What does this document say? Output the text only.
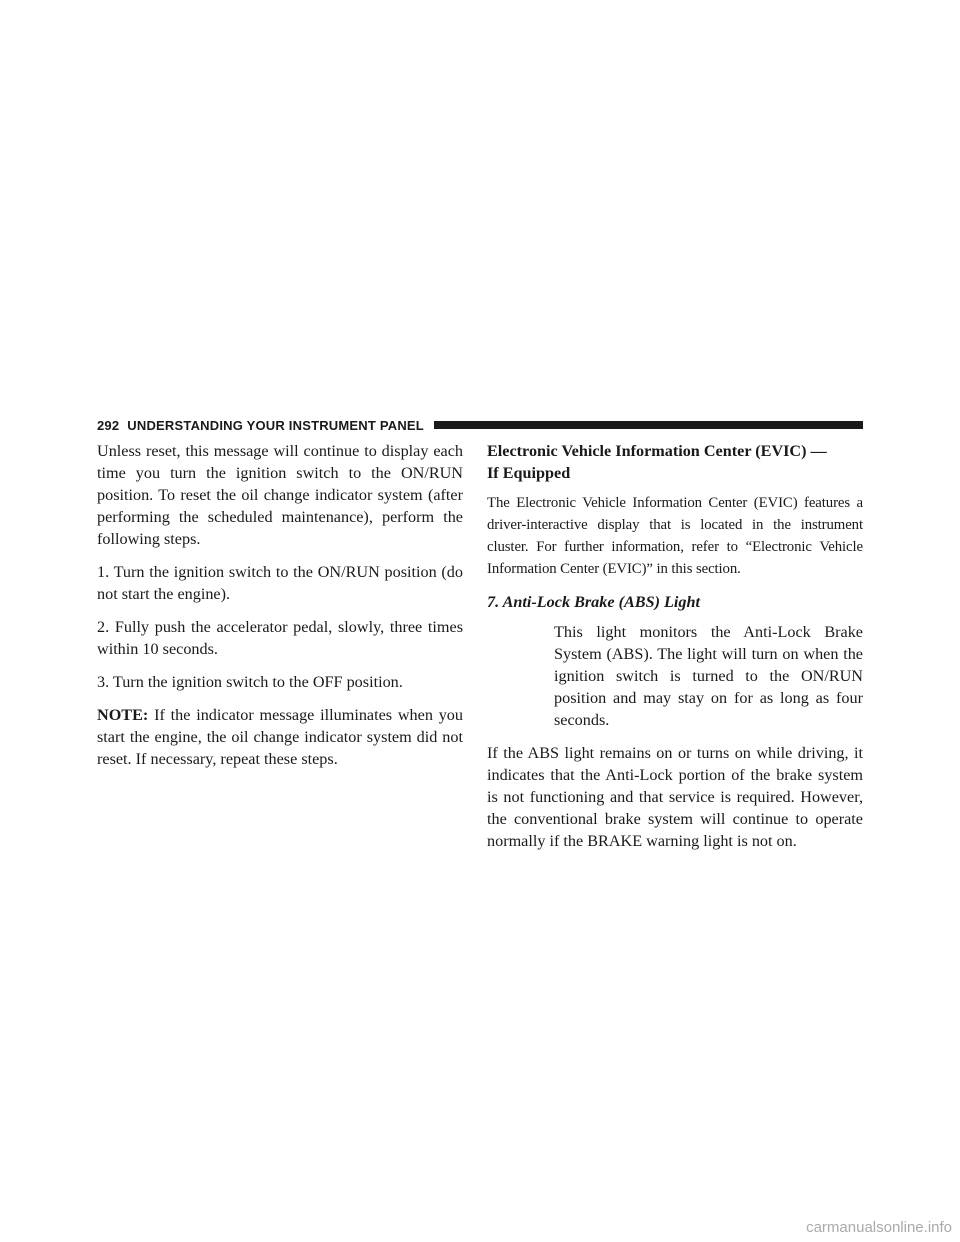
292 UNDERSTANDING YOUR INSTRUMENT PANEL

Unless reset, this message will continue to display each time you turn the ignition switch to the ON/RUN position. To reset the oil change indicator system (after performing the scheduled maintenance), perform the following steps.

1. Turn the ignition switch to the ON/RUN position (do not start the engine).

2. Fully push the accelerator pedal, slowly, three times within 10 seconds.

3. Turn the ignition switch to the OFF position.

NOTE: If the indicator message illuminates when you start the engine, the oil change indicator system did not reset. If necessary, repeat these steps.

Electronic Vehicle Information Center (EVIC) —
If Equipped

The Electronic Vehicle Information Center (EVIC) features a driver-interactive display that is located in the instrument cluster. For further information, refer to “Electronic Vehicle Information Center (EVIC)” in this section.

7. Anti-Lock Brake (ABS) Light

This light monitors the Anti-Lock Brake System (ABS). The light will turn on when the ignition switch is turned to the ON/RUN position and may stay on for as long as four seconds.

If the ABS light remains on or turns on while driving, it indicates that the Anti-Lock portion of the brake system is not functioning and that service is required. However, the conventional brake system will continue to operate normally if the BRAKE warning light is not on.

carmanualsonline.info
